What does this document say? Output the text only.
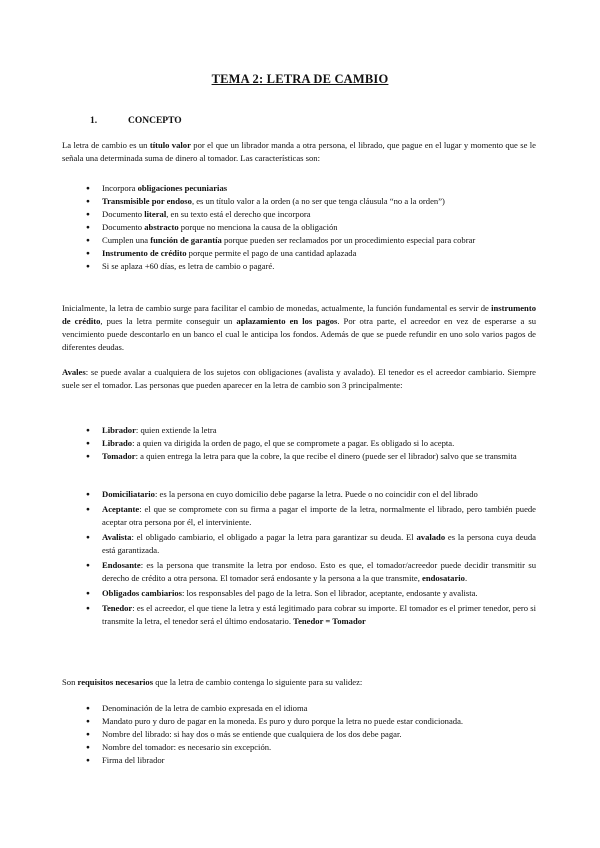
TEMA 2: LETRA DE CAMBIO
1.	CONCEPTO

La letra de cambio es un título valor por el que un librador manda a otra persona, el librado, que pague en el lugar y momento que se le señala una determinada suma de dinero al tomador. Las características son:

● Incorpora obligaciones pecuniarias
● Transmisible por endoso, es un título valor a la orden (a no ser que tenga cláusula “no a la orden”)
● Documento literal, en su texto está el derecho que incorpora
● Documento abstracto porque no menciona la causa de la obligación
● Cumplen una función de garantía porque pueden ser reclamados por un procedimiento especial para cobrar
● Instrumento de crédito porque permite el pago de una cantidad aplazada
● Si se aplaza +60 días, es letra de cambio o pagaré.

Inicialmente, la letra de cambio surge para facilitar el cambio de monedas, actualmente, la función fundamental es servir de instrumento de crédito, pues la letra permite conseguir un aplazamiento en los pagos. Por otra parte, el acreedor en vez de esperarse a su vencimiento puede descontarlo en un banco el cual le anticipa los fondos. Además de que se puede refundir en uno solo varios pagos de diferentes deudas.

Avales: se puede avalar a cualquiera de los sujetos con obligaciones (avalista y avalado). El tenedor es el acreedor cambiario. Siempre suele ser el tomador. Las personas que pueden aparecer en la letra de cambio son 3 principalmente:

● Librador: quien extiende la letra
● Librado: a quien va dirigida la orden de pago, el que se compromete a pagar. Es obligado si lo acepta.
● Tomador: a quien entrega la letra para que la cobre, la que recibe el dinero (puede ser el librador) salvo que se transmita
● Domiciliatario: es la persona en cuyo domicilio debe pagarse la letra. Puede o no coincidir con el del librado
● Aceptante: el que se compromete con su firma a pagar el importe de la letra, normalmente el librado, pero también puede aceptar otra persona por él, el interviniente.
● Avalista: el obligado cambiario, el obligado a pagar la letra para garantizar su deuda. El avalado es la persona cuya deuda está garantizada.
● Endosante: es la persona que transmite la letra por endoso. Esto es que, el tomador/acreedor puede decidir transmitir su derecho de crédito a otra persona. El tomador será endosante y la persona a la que transmite, endosatario.
● Obligados cambiarios: los responsables del pago de la letra. Son el librador, aceptante, endosante y avalista.
● Tenedor: es el acreedor, el que tiene la letra y está legitimado para cobrar su importe. El tomador es el primer tenedor, pero si transmite la letra, el tenedor será el último endosatario. Tenedor = Tomador

Son requisitos necesarios que la letra de cambio contenga lo siguiente para su validez:

● Denominación de la letra de cambio expresada en el idioma
● Mandato puro y duro de pagar en la moneda. Es puro y duro porque la letra no puede estar condicionada.
● Nombre del librado: si hay dos o más se entiende que cualquiera de los dos debe pagar.
● Nombre del tomador: es necesario sin excepción.
● Firma del librador
